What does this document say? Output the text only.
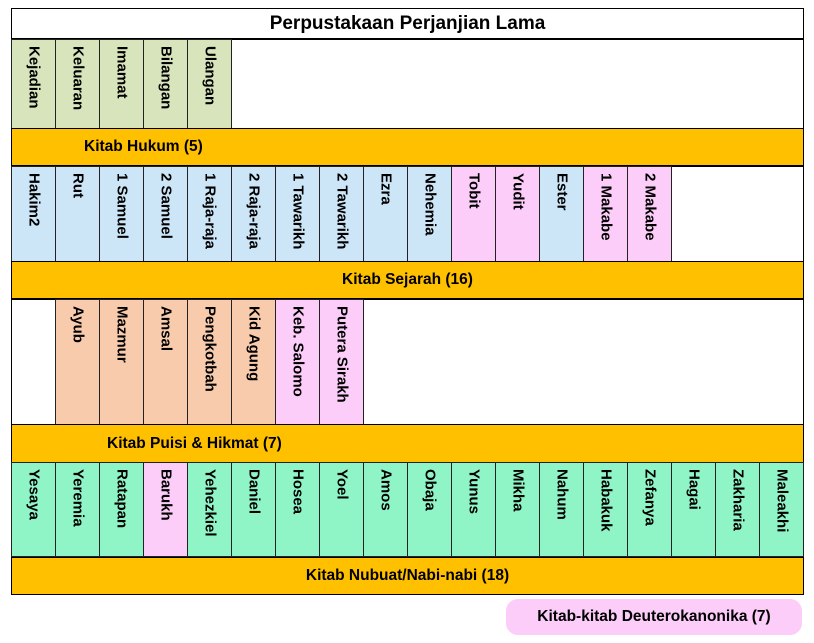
Perpustakaan Perjanjian Lama
Kejadian Keluaran Imamat Bilangan Ulangan
Kitab Hukum (5)
Hakim2 Rut 1 Samuel 2 Samuel 1 Raja-raja 2 Raja-raja 1 Tawarikh 2 Tawarikh Ezra Nehemia Tobit Yudit Ester 1 Makabe 2 Makabe
Kitab Sejarah (16)
Ayub Mazmur Amsal Pengkotbah Kid Agung Keb. Salomo Putera Sirakh
Kitab Puisi & Hikmat (7)
Yesaya Yeremia Ratapan Barukh Yehezkiel Daniel Hosea Yoel Amos Obaja Yunus Mikha Nahum Habakuk Zefanya Hagai Zakharia Maleakhi
Kitab Nubuat/Nabi-nabi (18)
Kitab-kitab Deuterokanonika (7)
